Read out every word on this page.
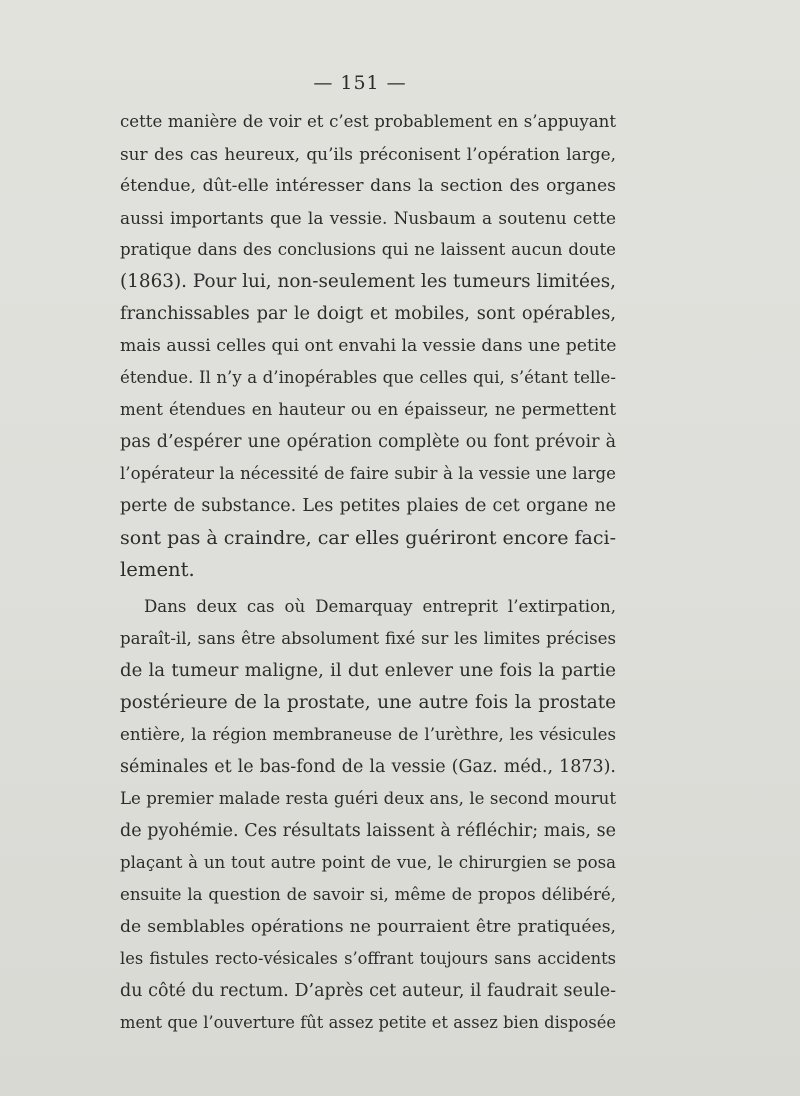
— 151 —
cette manière de voir et c’est probablement en s’appuyant
sur des cas heureux, qu’ils préconisent l’opération large,
étendue, dût-elle intéresser dans la section des organes
aussi importants que la vessie. Nusbaum a soutenu cette
pratique dans des conclusions qui ne laissent aucun doute
(1863). Pour lui, non-seulement les tumeurs limitées,
franchissables par le doigt et mobiles, sont opérables,
mais aussi celles qui ont envahi la vessie dans une petite
étendue. Il n’y a d’inopérables que celles qui, s’étant telle-
ment étendues en hauteur ou en épaisseur, ne permettent
pas d’espérer une opération complète ou font prévoir à
l’opérateur la nécessité de faire subir à la vessie une large
perte de substance. Les petites plaies de cet organe ne
sont pas à craindre, car elles guériront encore faci-
lement.
Dans deux cas où Demarquay entreprit l’extirpation,
paraît-il, sans être absolument fixé sur les limites précises
de la tumeur maligne, il dut enlever une fois la partie
postérieure de la prostate, une autre fois la prostate
entière, la région membraneuse de l’urèthre, les vésicules
séminales et le bas-fond de la vessie (Gaz. méd., 1873).
Le premier malade resta guéri deux ans, le second mourut
de pyohémie. Ces résultats laissent à réfléchir; mais, se
plaçant à un tout autre point de vue, le chirurgien se posa
ensuite la question de savoir si, même de propos délibéré,
de semblables opérations ne pourraient être pratiquées,
les fistules recto-vésicales s’offrant toujours sans accidents
du côté du rectum. D’après cet auteur, il faudrait seule-
ment que l’ouverture fût assez petite et assez bien disposée
